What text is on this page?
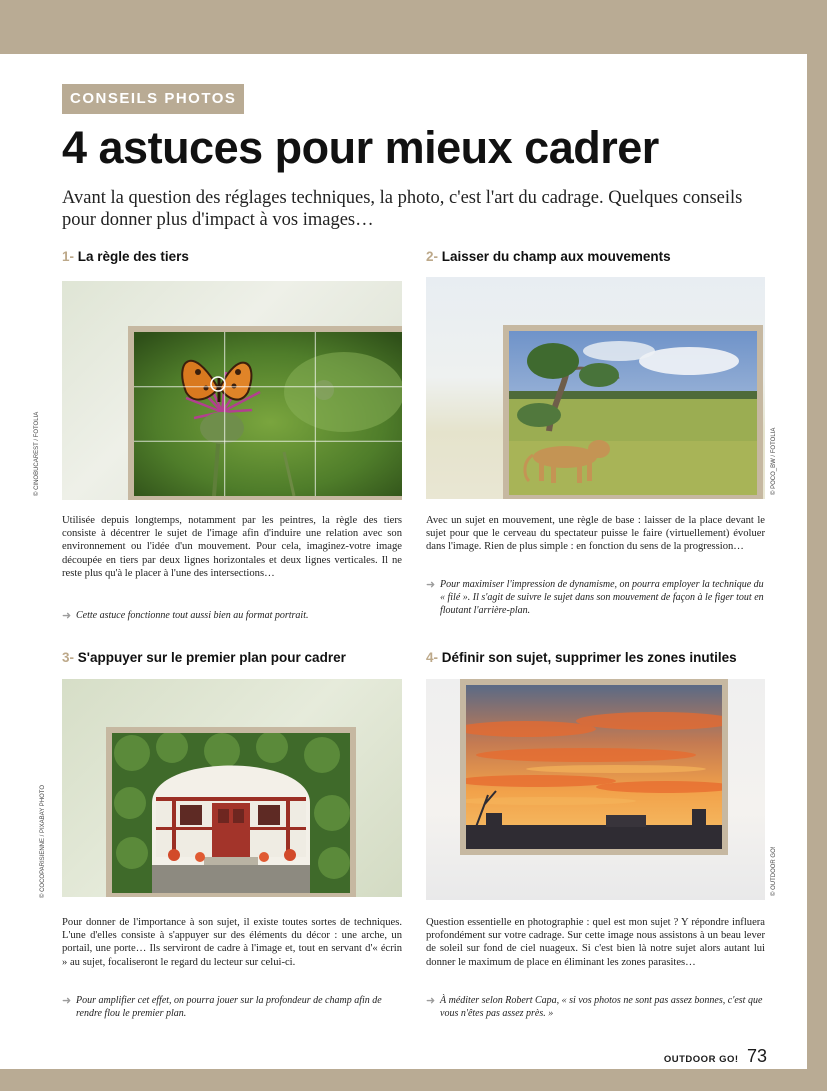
CONSEILS PHOTOS
4 astuces pour mieux cadrer

Avant la question des réglages techniques, la photo, c'est l'art du cadrage. Quelques conseils pour donner plus d'impact à vos images…

1- La règle des tiers
© CINOBUCAREST / FOTOLIA

Utilisée depuis longtemps, notamment par les peintres, la règle des tiers consiste à décentrer le sujet de l'image afin d'induire une relation avec son environnement ou l'idée d'un mouvement. Pour cela, imaginez-votre image découpée en tiers par deux lignes horizontales et deux lignes verticales. Il ne reste plus qu'à le placer à l'une des intersections…

➜ Cette astuce fonctionne tout aussi bien au format portrait.
2- Laisser du champ aux mouvements
© POCO_BW / FOTOLIA

Avec un sujet en mouvement, une règle de base : laisser de la place devant le sujet pour que le cerveau du spectateur puisse le faire (virtuellement) évoluer dans l'image. Rien de plus simple : en fonction du sens de la progression…

➜ Pour maximiser l'impression de dynamisme, on pourra employer la technique du « filé ». Il s'agit de suivre le sujet dans son mouvement de façon à le figer tout en floutant l'arrière-plan.
3- S'appuyer sur le premier plan pour cadrer
© COCOPARISIENNE / PIXABAY PHOTO

Pour donner de l'importance à son sujet, il existe toutes sortes de techniques. L'une d'elles consiste à s'appuyer sur des éléments du décor : une arche, un portail, une porte… Ils serviront de cadre à l'image et, tout en servant d'« écrin » au sujet, focaliseront le regard du lecteur sur celui-ci.

➜ Pour amplifier cet effet, on pourra jouer sur la profondeur de champ afin de rendre flou le premier plan.
4- Définir son sujet, supprimer les zones inutiles
© OUTDOOR GO!

Question essentielle en photographie : quel est mon sujet ? Y répondre influera profondément sur votre cadrage. Sur cette image nous assistons à un beau lever de soleil sur fond de ciel nuageux. Si c'est bien là notre sujet alors autant lui donner le maximum de place en éliminant les zones parasites…

➜ À méditer selon Robert Capa, « si vos photos ne sont pas assez bonnes, c'est que vous n'êtes pas assez près. »
OUTDOOR GO! 73
